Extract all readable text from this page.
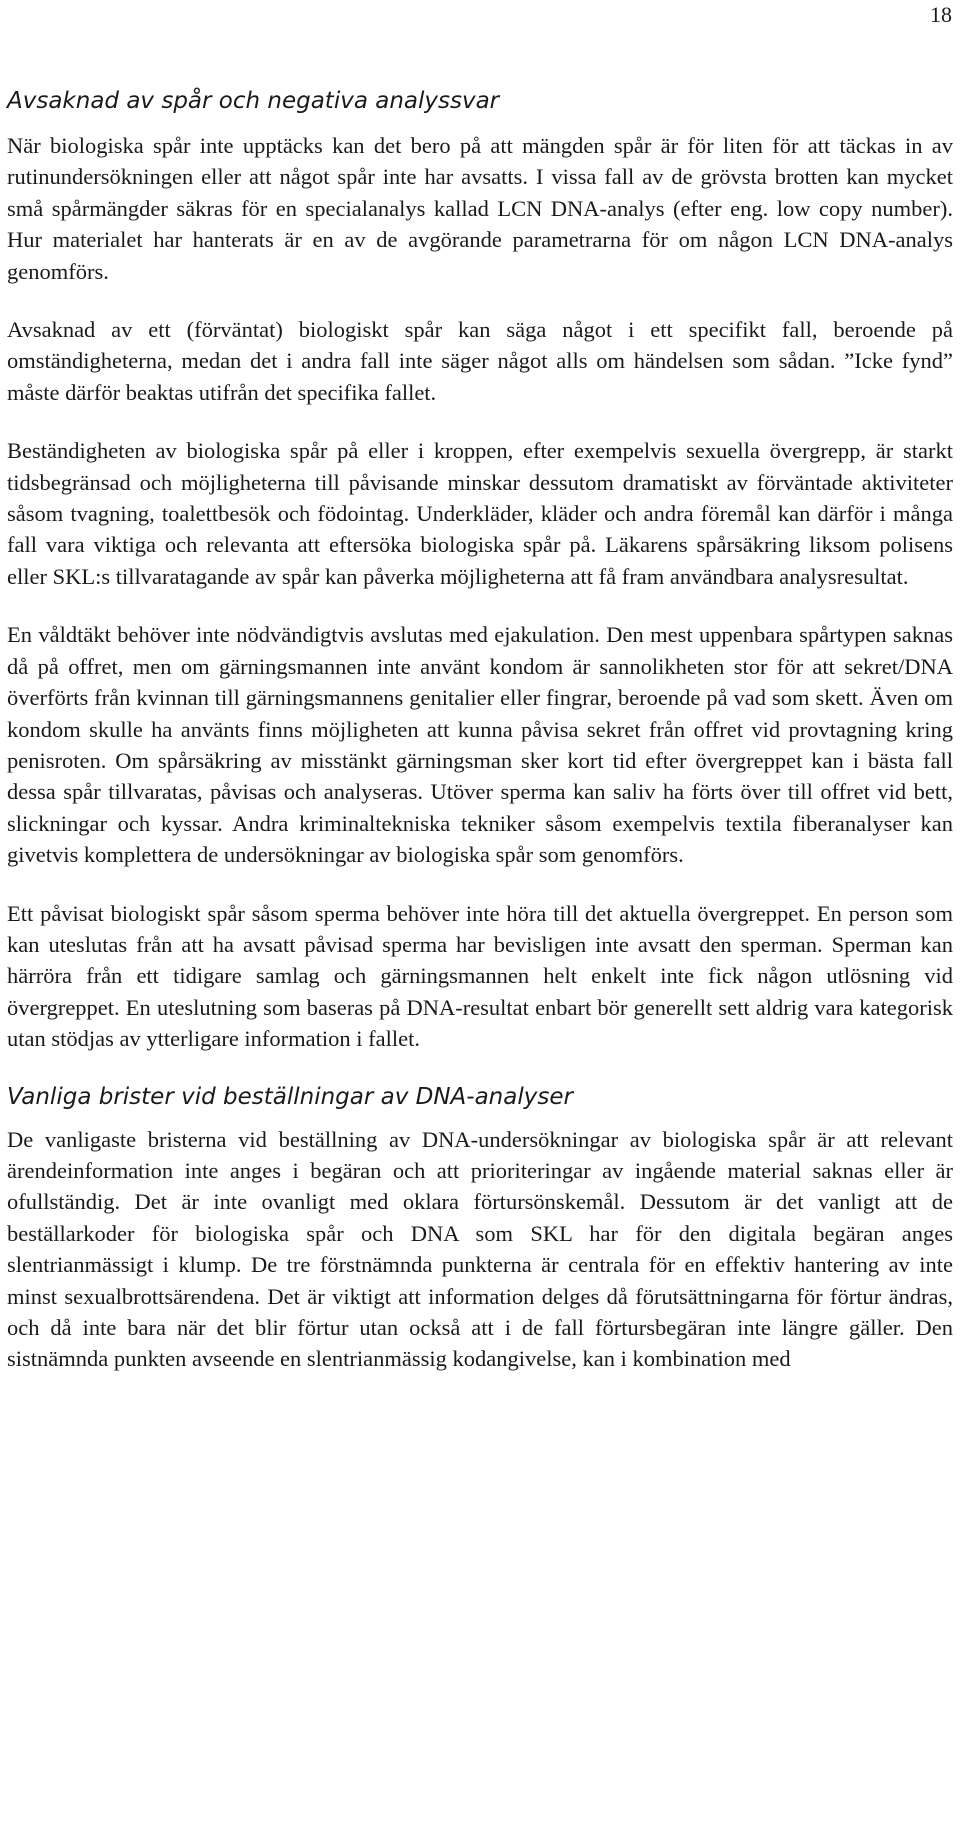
18

Avsaknad av spår och negativa analyssvar

När biologiska spår inte upptäcks kan det bero på att mängden spår är för liten för att täckas in av rutinundersökningen eller att något spår inte har avsatts. I vissa fall av de grövsta brotten kan mycket små spårmängder säkras för en specialanalys kallad LCN DNA-analys (efter eng. low copy number). Hur materialet har hanterats är en av de avgörande parametrarna för om någon LCN DNA-analys genomförs.

Avsaknad av ett (förväntat) biologiskt spår kan säga något i ett specifikt fall, beroende på omständigheterna, medan det i andra fall inte säger något alls om händelsen som sådan. ”Icke fynd” måste därför beaktas utifrån det specifika fallet.

Beständigheten av biologiska spår på eller i kroppen, efter exempelvis sexuella övergrepp, är starkt tidsbegränsad och möjligheterna till påvisande minskar dessutom dramatiskt av förväntade aktiviteter såsom tvagning, toalettbesök och födointag. Underkläder, kläder och andra föremål kan därför i många fall vara viktiga och relevanta att eftersöka biologiska spår på. Läkarens spårsäkring liksom polisens eller SKL:s tillvaratagande av spår kan påverka möjligheterna att få fram användbara analysresultat.

En våldtäkt behöver inte nödvändigtvis avslutas med ejakulation. Den mest uppenbara spårtypen saknas då på offret, men om gärningsmannen inte använt kondom är sannolikheten stor för att sekret/DNA överförts från kvinnan till gärningsmannens genitalier eller fingrar, beroende på vad som skett. Även om kondom skulle ha använts finns möjligheten att kunna påvisa sekret från offret vid provtagning kring penisroten. Om spårsäkring av misstänkt gärningsman sker kort tid efter övergreppet kan i bästa fall dessa spår tillvaratas, påvisas och analyseras. Utöver sperma kan saliv ha förts över till offret vid bett, slickningar och kyssar. Andra kriminaltekniska tekniker såsom exempelvis textila fiberanalyser kan givetvis komplettera de undersökningar av biologiska spår som genomförs.

Ett påvisat biologiskt spår såsom sperma behöver inte höra till det aktuella övergreppet. En person som kan uteslutas från att ha avsatt påvisad sperma har bevisligen inte avsatt den sperman. Sperman kan härröra från ett tidigare samlag och gärningsmannen helt enkelt inte fick någon utlösning vid övergreppet. En uteslutning som baseras på DNA-resultat enbart bör generellt sett aldrig vara kategorisk utan stödjas av ytterligare information i fallet.

Vanliga brister vid beställningar av DNA-analyser

De vanligaste bristerna vid beställning av DNA-undersökningar av biologiska spår är att relevant ärendeinformation inte anges i begäran och att prioriteringar av ingående material saknas eller är ofullständig. Det är inte ovanligt med oklara förtursönskemål. Dessutom är det vanligt att de beställarkoder för biologiska spår och DNA som SKL har för den digitala begäran anges slentrianmässigt i klump. De tre förstnämnda punkterna är centrala för en effektiv hantering av inte minst sexualbrottsärendena. Det är viktigt att information delges då förutsättningarna för förtur ändras, och då inte bara när det blir förtur utan också att i de fall förtursbegäran inte längre gäller. Den sistnämnda punkten avseende en slentrianmässig kodangivelse, kan i kombination med
